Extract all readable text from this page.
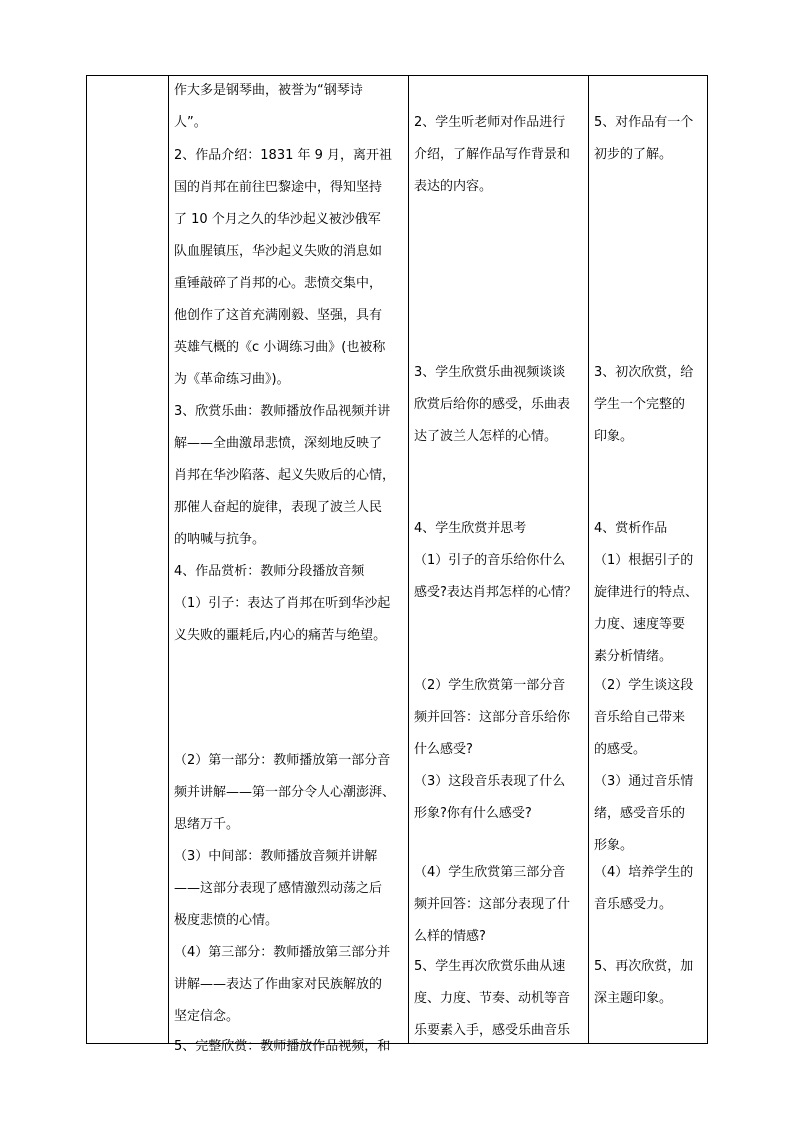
作大多是钢琴曲，被誉为“钢琴诗
人”。
2、作品介绍：1831 年 9 月，离开祖
国的肖邦在前往巴黎途中，得知坚持
了 10 个月之久的华沙起义被沙俄军
队血腥镇压，华沙起义失败的消息如
重锤敲碎了肖邦的心。悲愤交集中，
他创作了这首充满刚毅、坚强，具有
英雄气概的《c 小调练习曲》(也被称
为《革命练习曲》)。
3、欣赏乐曲：教师播放作品视频并讲
解——全曲激昂悲愤，深刻地反映了
肖邦在华沙陷落、起义失败后的心情，
那催人奋起的旋律，表现了波兰人民
的呐喊与抗争。
4、作品赏析：教师分段播放音频
（1）引子：表达了肖邦在听到华沙起
义失败的噩耗后,内心的痛苦与绝望。
（2）第一部分：教师播放第一部分音
频并讲解——第一部分令人心潮澎湃、
思绪万千。
（3）中间部：教师播放音频并讲解
——这部分表现了感情激烈动荡之后
极度悲愤的心情。
（4）第三部分：教师播放第三部分并
讲解——表达了作曲家对民族解放的
坚定信念。
5、完整欣赏：教师播放作品视频，和
2、学生听老师对作品进行
介绍，了解作品写作背景和
表达的内容。
3、学生欣赏乐曲视频谈谈
欣赏后给你的感受，乐曲表
达了波兰人怎样的心情。
4、学生欣赏并思考
（1）引子的音乐给你什么
感受?表达肖邦怎样的心情？
（2）学生欣赏第一部分音
频并回答：这部分音乐给你
什么感受?
（3）这段音乐表现了什么
形象?你有什么感受?
（4）学生欣赏第三部分音
频并回答：这部分表现了什
么样的情感?
5、学生再次欣赏乐曲从速
度、力度、节奏、动机等音
乐要素入手，感受乐曲音乐
5、对作品有一个
初步的了解。
3、初次欣赏，给
学生一个完整的
印象。
4、赏析作品
（1）根据引子的
旋律进行的特点、
力度、速度等要
素分析情绪。
（2）学生谈这段
音乐给自己带来
的感受。
（3）通过音乐情
绪，感受音乐的
形象。
（4）培养学生的
音乐感受力。
5、再次欣赏，加
深主题印象。
